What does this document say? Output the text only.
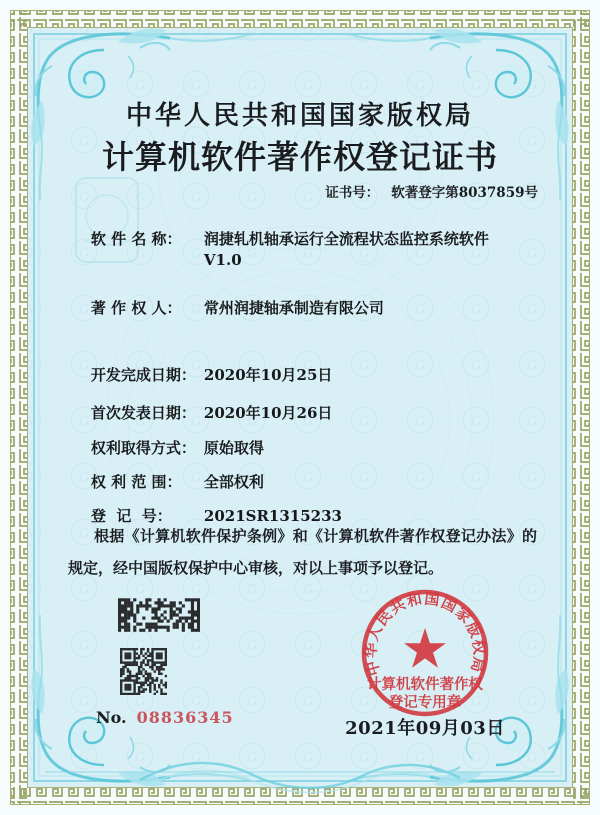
中华人民共和国国家版权局
计算机软件著作权登记证书
证书号： 软著登字第8037859号

软 件 名 称： 润捷轧机轴承运行全流程状态监控系统软件

V1.0

著 作 权 人： 常州润捷轴承制造有限公司

开发完成日期： 2020年10月25日

首次发表日期： 2020年10月26日

权利取得方式： 原始取得

权 利 范 围： 全部权利

登  记  号： 2021SR1315233

根据《计算机软件保护条例》和《计算机软件著作权登记办法》的规定，经中国版权保护中心审核，对以上事项予以登记。
No. 08836345
中华人民共和国国家版权局
计算机软件著作权
登记专用章
2021年09月03日
